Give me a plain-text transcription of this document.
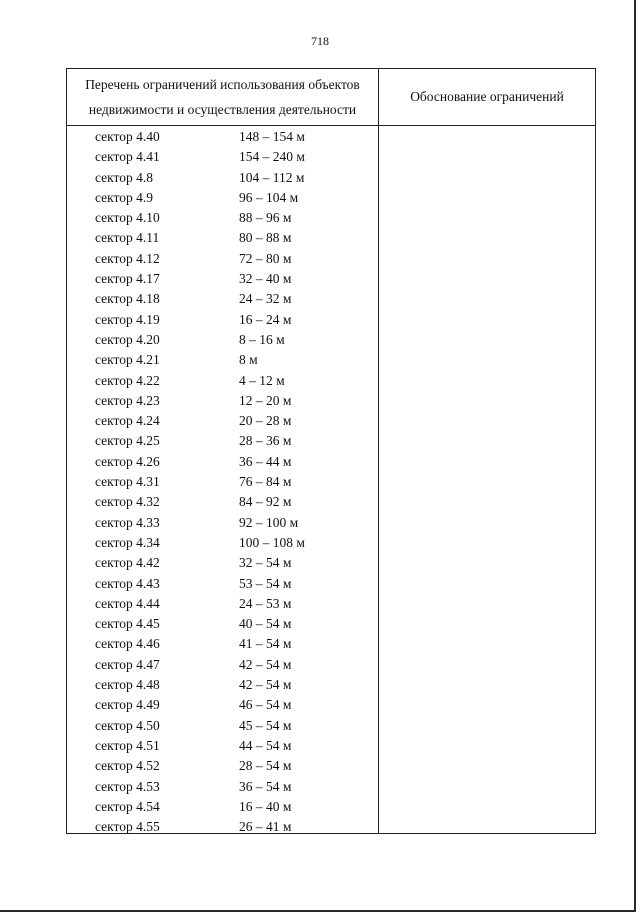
718
Перечень ограничений использования объектов
недвижимости и осуществления деятельности
Обоснование ограничений
сектор 4.40	148 – 154 м
сектор 4.41	154 – 240 м
сектор 4.8	104 – 112 м
сектор 4.9	96 – 104 м
сектор 4.10	88 – 96 м
сектор 4.11	80 – 88 м
сектор 4.12	72 – 80 м
сектор 4.17	32 – 40 м
сектор 4.18	24 – 32 м
сектор 4.19	16 – 24 м
сектор 4.20	8 – 16 м
сектор 4.21	8 м
сектор 4.22	4 – 12 м
сектор 4.23	12 – 20 м
сектор 4.24	20 – 28 м
сектор 4.25	28 – 36 м
сектор 4.26	36 – 44 м
сектор 4.31	76 – 84 м
сектор 4.32	84 – 92 м
сектор 4.33	92 – 100 м
сектор 4.34	100 – 108 м
сектор 4.42	32 – 54 м
сектор 4.43	53 – 54 м
сектор 4.44	24 – 53 м
сектор 4.45	40 – 54 м
сектор 4.46	41 – 54 м
сектор 4.47	42 – 54 м
сектор 4.48	42 – 54 м
сектор 4.49	46 – 54 м
сектор 4.50	45 – 54 м
сектор 4.51	44 – 54 м
сектор 4.52	28 – 54 м
сектор 4.53	36 – 54 м
сектор 4.54	16 – 40 м
сектор 4.55	26 – 41 м
